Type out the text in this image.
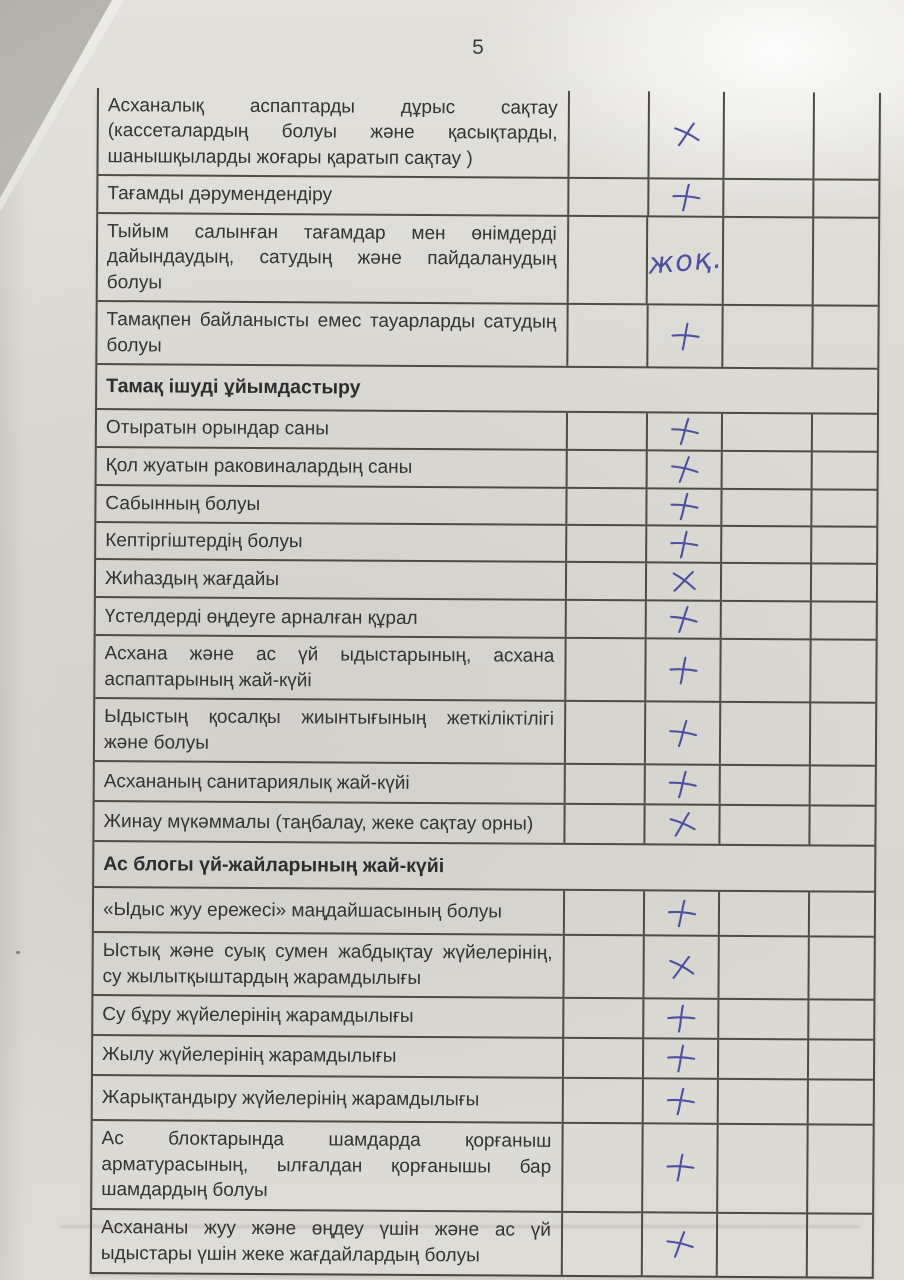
5
Асханалық аспаптарды дұрыс сақтау (кассеталардың болуы және қасықтарды, шанышқыларды жоғары қаратып сақтау )
Тағамды дәрумендендіру
Тыйым салынған тағамдар мен өнімдерді дайындаудың, сатудың және пайдаланудың болуы
жоқ.
Тамақпен байланысты емес тауарларды сатудың болуы
Тамақ ішуді ұйымдастыру
Отыратын орындар саны
Қол жуатын раковиналардың саны
Сабынның болуы
Кептіргіштердің болуы
Жиһаздың жағдайы
Үстелдерді өңдеуге арналған құрал
Асхана және ас үй ыдыстарының, асхана аспаптарының жай-күйі
Ыдыстың қосалқы жиынтығының жеткіліктілігі және болуы
Асхананың санитариялық жай-күйі
Жинау мүкәммалы (таңбалау, жеке сақтау орны)
Ас блогы үй-жайларының жай-күйі
«Ыдыс жуу ережесі» маңдайшасының болуы
Ыстық және суық сумен жабдықтау жүйелерінің, су жылытқыштардың жарамдылығы
Су бұру жүйелерінің жарамдылығы
Жылу жүйелерінің жарамдылығы
Жарықтандыру жүйелерінің жарамдылығы
Ас блоктарында шамдарда қорғаныш арматурасының, ылғалдан қорғанышы бар шамдардың болуы
Асхананы жуу және өңдеу үшін және ас үй ыдыстары үшін жеке жағдайлардың болуы
